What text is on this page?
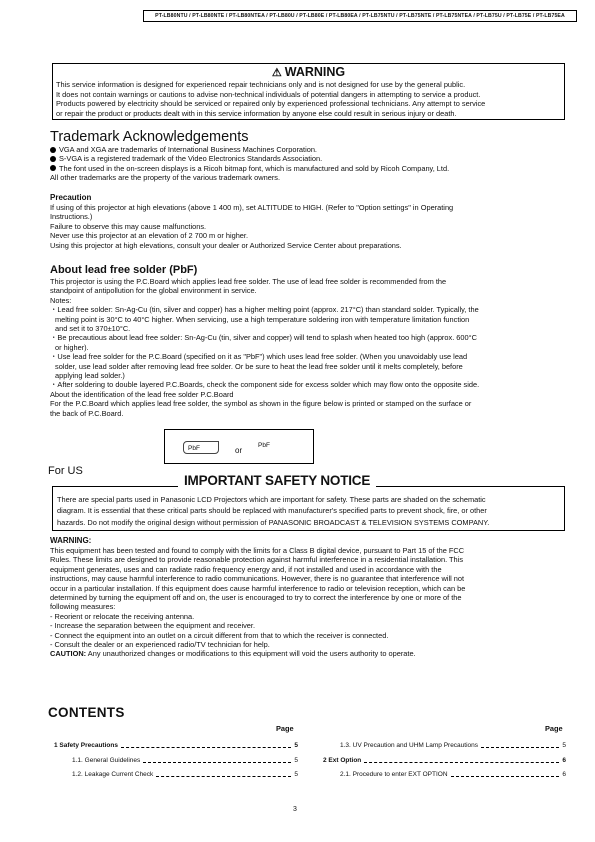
PT-LB80NTU / PT-LB80NTE / PT-LB80NTEA / PT-LB80U / PT-LB80E / PT-LB80EA / PT-LB75NTU / PT-LB75NTE / PT-LB75NTEA / PT-LB75U / PT-LB75E / PT-LB75EA
⚠ WARNING
This service information is designed for experienced repair technicians only and is not designed for use by the general public.
It does not contain warnings or cautions to advise non-technical individuals of potential dangers in attempting to service a product.
Products powered by electricity should be serviced or repaired only by experienced professional technicians. Any attempt to service
or repair the product or products dealt with in this service information by anyone else could result in serious injury or death.
Trademark Acknowledgements
VGA and XGA are trademarks of International Business Machines Corporation.
S-VGA is a registered trademark of the Video Electronics Standards Association.
The font used in the on-screen displays is a Ricoh bitmap font, which is manufactured and sold by Ricoh Company, Ltd.
All other trademarks are the property of the various trademark owners.
Precaution
If using of this projector at high elevations (above 1 400 m), set ALTITUDE to HIGH. (Refer to "Option settings" in Operating
Instructions.)
Failure to observe this may cause malfunctions.
Never use this projector at an elevation of 2 700 m or higher.
Using this projector at high elevations, consult your dealer or Authorized Service Center about preparations.
About lead free solder (PbF)
This projector is using the P.C.Board which applies lead free solder. The use of lead free solder is recommended from the
standpoint of antipollution for the global environment in service.
Notes:
・Lead free solder: Sn-Ag-Cu (tin, silver and copper) has a higher melting point (approx. 217°C) than standard solder. Typically, the
melting point is 30°C to 40°C higher. When servicing, use a high temperature soldering iron with temperature limitation function
and set it to 370±10°C.
・Be precautious about lead free solder: Sn-Ag-Cu (tin, silver and copper) will tend to splash when heated too high (approx. 600°C
or higher).
・Use lead free solder for the P.C.Board (specified on it as "PbF") which uses lead free solder. (When you unavoidably use lead
solder, use lead solder after removing lead free solder. Or be sure to heat the lead free solder until it melts completely, before
applying lead solder.)
・After soldering to double layered P.C.Boards, check the component side for excess solder which may flow onto the opposite side.
About the identification of the lead free solder P.C.Board
For the P.C.Board which applies lead free solder, the symbol as shown in the figure below is printed or stamped on the surface or
the back of P.C.Board.
PbF	or
PbF
For US
There are special parts used in Panasonic LCD Projectors which are important for safety. These parts are shaded on the schematic
diagram. It is essential that these critical parts should be replaced with manufacturer's specified parts to prevent shock, fire, or other
hazards. Do not modify the original design without permission of PANASONIC BROADCAST & TELEVISION SYSTEMS COMPANY.
IMPORTANT SAFETY NOTICE
WARNING:
This equipment has been tested and found to comply with the limits for a Class B digital device, pursuant to Part 15 of the FCC
Rules. These limits are designed to provide reasonable protection against harmful interference in a residential installation. This
equipment generates, uses and can radiate radio frequency energy and, if not installed and used in accordance with the
instructions, may cause harmful interference to radio communications. However, there is no guarantee that interference will not
occur in a particular installation. If this equipment does cause harmful interference to radio or television reception, which can be
determined by turning the equipment off and on, the user is encouraged to try to correct the interference by one or more of the
following measures:
- Reorient or relocate the receiving antenna.
- Increase the separation between the equipment and receiver.
- Connect the equipment into an outlet on a circuit different from that to which the receiver is connected.
- Consult the dealer or an experienced radio/TV technician for help.
CAUTION: Any unauthorized changes or modifications to this equipment will void the users authority to operate.
CONTENTS
Page	Page
1 Safety Precautions	5
1.1. General Guidelines	5
1.2. Leakage Current Check	5
1.3. UV Precaution and UHM Lamp Precautions	5
2 Ext Option	6
2.1. Procedure to enter EXT OPTION	6
3
